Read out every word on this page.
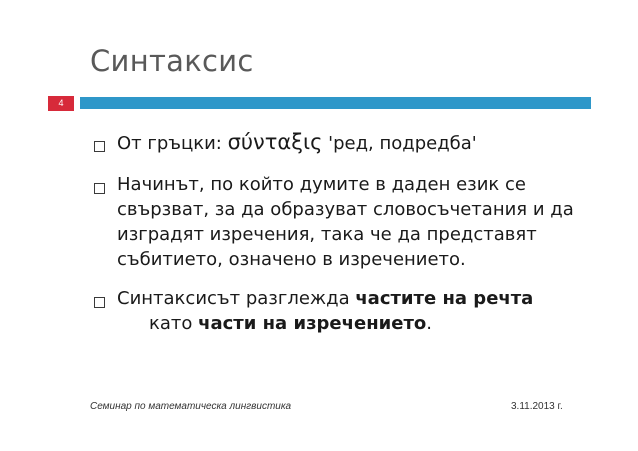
Синтаксис
4
От гръцки: σύνταξις 'ред, подредба'
Начинът, по който думите в даден език се свързват, за да образуват словосъчетания и да изградят изречения, така че да представят събитието, означено в изречението.
Синтаксисът разглежда частите на речта
като части на изречението.
Семинар по математическа лингвистика	3.11.2013 г.
